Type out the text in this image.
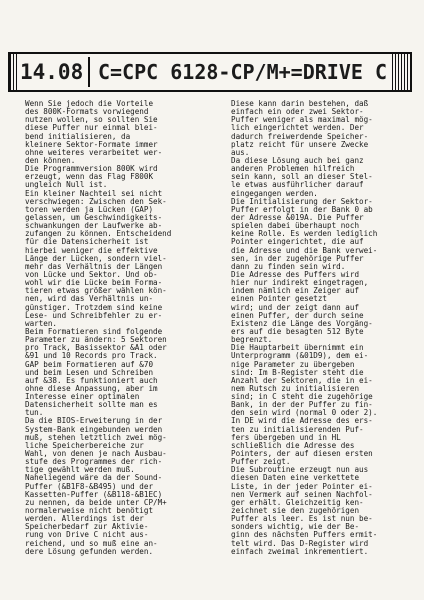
14.08 C=CPC 6128-CP/M+=DRIVE C
Wenn Sie jedoch die Vorteile
des 800K-Formats vorwiegend
nutzen wollen, so sollten Sie
diese Puffer nur einmal blei-
bend initialisieren, da
kleinere Sektor-Formate immer
ohne weiteres verarbeitet wer-
den können.
Die Programmversion 800K wird
erzeugt, wenn das Flag F800K
ungleich Null ist.
Ein kleiner Nachteil sei nicht
verschwiegen: Zwischen den Sek-
toren werden ja Lücken (GAP)
gelassen, um Geschwindigkeits-
schwankungen der Laufwerke ab-
zufangen zu können. Entscheidend
für die Datensicherheit ist
hierbei weniger die effektive
Länge der Lücken, sondern viel-
mehr das Verhältnis der Längen
von Lücke und Sektor. Und ob-
wohl wir die Lücke beim Forma-
tieren etwas größer wählen kön-
nen, wird das Verhältnis un-
günstiger. Trotzdem sind keine
Lese- und Schreibfehler zu er-
warten.
Beim Formatieren sind folgende
Parameter zu ändern: 5 Sektoren
pro Track, Basissektor &A1 oder
&91 und 10 Records pro Track.
GAP beim Formatieren auf &70
und beim Lesen und Schreiben
auf &38. Es funktioniert auch
ohne diese Anpassung, aber im
Interesse einer optimalen
Datensicherheit sollte man es
tun.
Da die BIOS-Erweiterung in der
System-Bank eingebunden werden
muß, stehen letztlich zwei mög-
liche Speicherbereiche zur
Wahl, von denen je nach Ausbau-
stufe des Programmes der rich-
tige gewählt werden muß.
Naheliegend wäre da der Sound-
Puffer (&B1F8-&B495) und der
Kassetten-Puffer (&B118-&B1EC)
zu nennen, da beide unter CP/M+
normalerweise nicht benötigt
werden. Allerdings ist der
Speicherbedarf zur Aktivie-
rung von Drive C nicht aus-
reichend, und so muß eine an-
dere Lösung gefunden werden.
Diese kann darin bestehen, daß
einfach ein oder zwei Sektor-
Puffer weniger als maximal mög-
lich eingerichtet werden. Der
dadurch freiwerdende Speicher-
platz reicht für unsere Zwecke
aus.
Da diese Lösung auch bei ganz
anderen Problemen hilfreich
sein kann, soll an dieser Stel-
le etwas ausführlicher darauf
eingegangen werden.
Die Initialisierung der Sektor-
Puffer erfolgt in der Bank 0 ab
der Adresse &019A. Die Puffer
spielen dabei überhaupt noch
keine Rolle. Es werden lediglich
Pointer eingerichtet, die auf
die Adresse und die Bank verwei-
sen, in der zugehörige Puffer
dann zu finden sein wird.
Die Adresse des Puffers wird
hier nur indirekt eingetragen,
indem nämlich ein Zeiger auf
einen Pointer gesetzt
wird; und der zeigt dann auf
einen Puffer, der durch seine
Existenz die Länge des Vorgäng-
ers auf die besagten 512 Byte
begrenzt.
Die Hauptarbeit übernimmt ein
Unterprogramm (&01D9), dem ei-
nige Parameter zu übergeben
sind: Im B-Register steht die
Anzahl der Sektoren, die in ei-
nem Rutsch zu initialisieren
sind; in C steht die zugehörige
Bank, in der der Puffer zu fin-
den sein wird (normal 0 oder 2).
In DE wird die Adresse des ers-
ten zu initialisierenden Puf-
fers übergeben und in HL
schließlich die Adresse des
Pointers, der auf diesen ersten
Puffer zeigt.
Die Subroutine erzeugt nun aus
diesen Daten eine verkettete
Liste, in der jeder Pointer ei-
nen Vermerk auf seinen Nachfol-
ger erhält. Gleichzeitig ken-
zeichnet sie den zugehörigen
Puffer als leer. Es ist nun be-
sonders wichtig, wie der Be-
ginn des nächsten Puffers ermit-
telt wird. Das D-Register wird
einfach zweimal inkrementiert.
